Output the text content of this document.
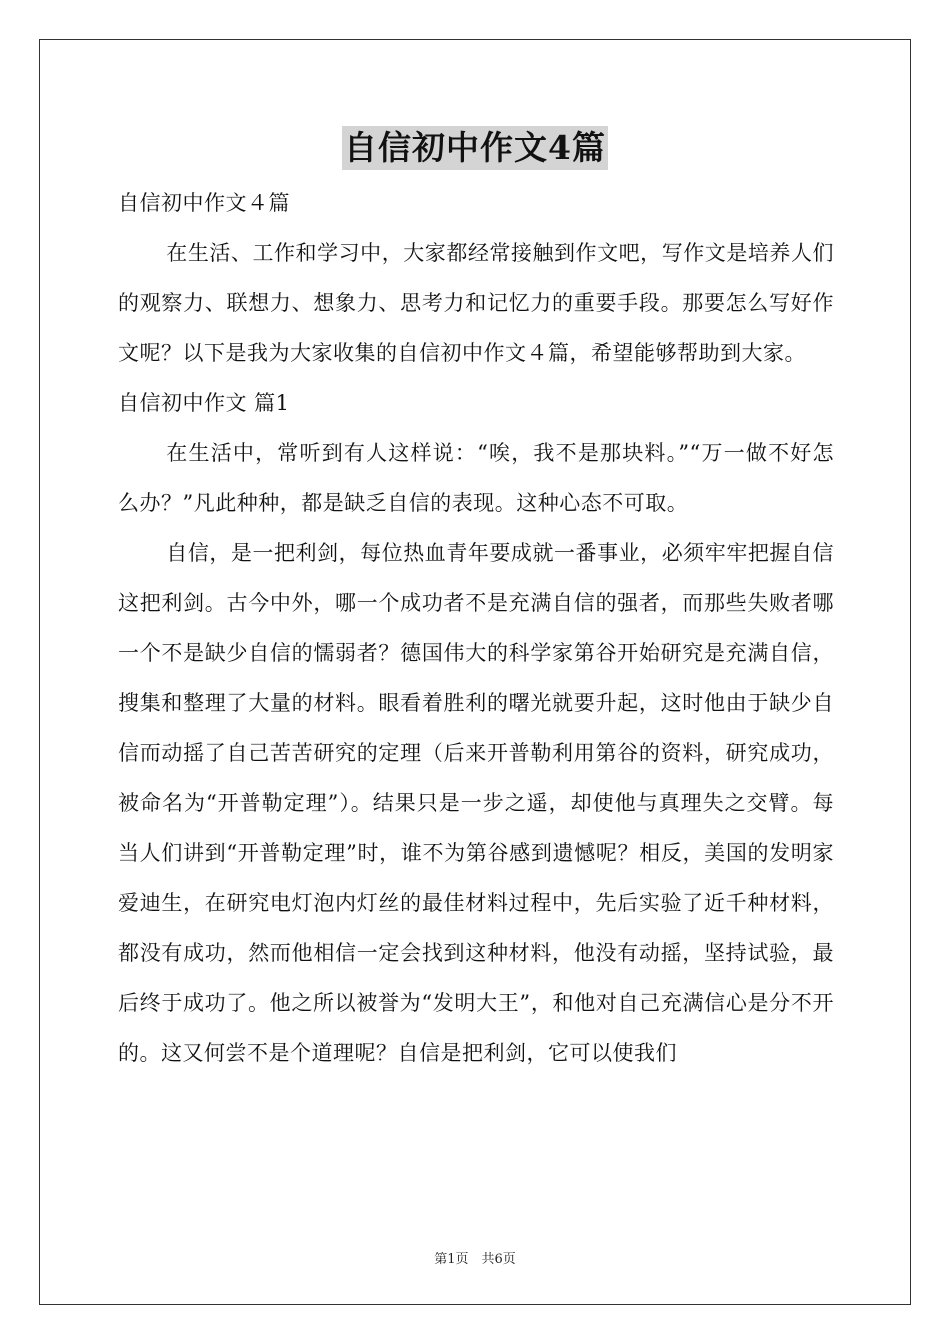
自信初中作文4篇

自信初中作文４篇

在生活、工作和学习中，大家都经常接触到作文吧，写作文是培养人们的观察力、联想力、想象力、思考力和记忆力的重要手段。那要怎么写好作文呢？以下是我为大家收集的自信初中作文４篇，希望能够帮助到大家。

自信初中作文 篇1

在生活中，常听到有人这样说：“唉，我不是那块料。”“万一做不好怎么办？”凡此种种，都是缺乏自信的表现。这种心态不可取。

自信，是一把利剑，每位热血青年要成就一番事业，必须牢牢把握自信这把利剑。古今中外，哪一个成功者不是充满自信的强者，而那些失败者哪一个不是缺少自信的懦弱者？德国伟大的科学家第谷开始研究是充满自信，搜集和整理了大量的材料。眼看着胜利的曙光就要升起，这时他由于缺少自信而动摇了自己苦苦研究的定理（后来开普勒利用第谷的资料，研究成功，被命名为“开普勒定理”）。结果只是一步之遥，却使他与真理失之交臂。每当人们讲到“开普勒定理”时，谁不为第谷感到遗憾呢？相反，美国的发明家爱迪生，在研究电灯泡内灯丝的最佳材料过程中，先后实验了近千种材料，都没有成功，然而他相信一定会找到这种材料，他没有动摇，坚持试验，最后终于成功了。他之所以被誉为“发明大王”，和他对自己充满信心是分不开的。这又何尝不是个道理呢？自信是把利剑，它可以使我们

第1页　共6页
